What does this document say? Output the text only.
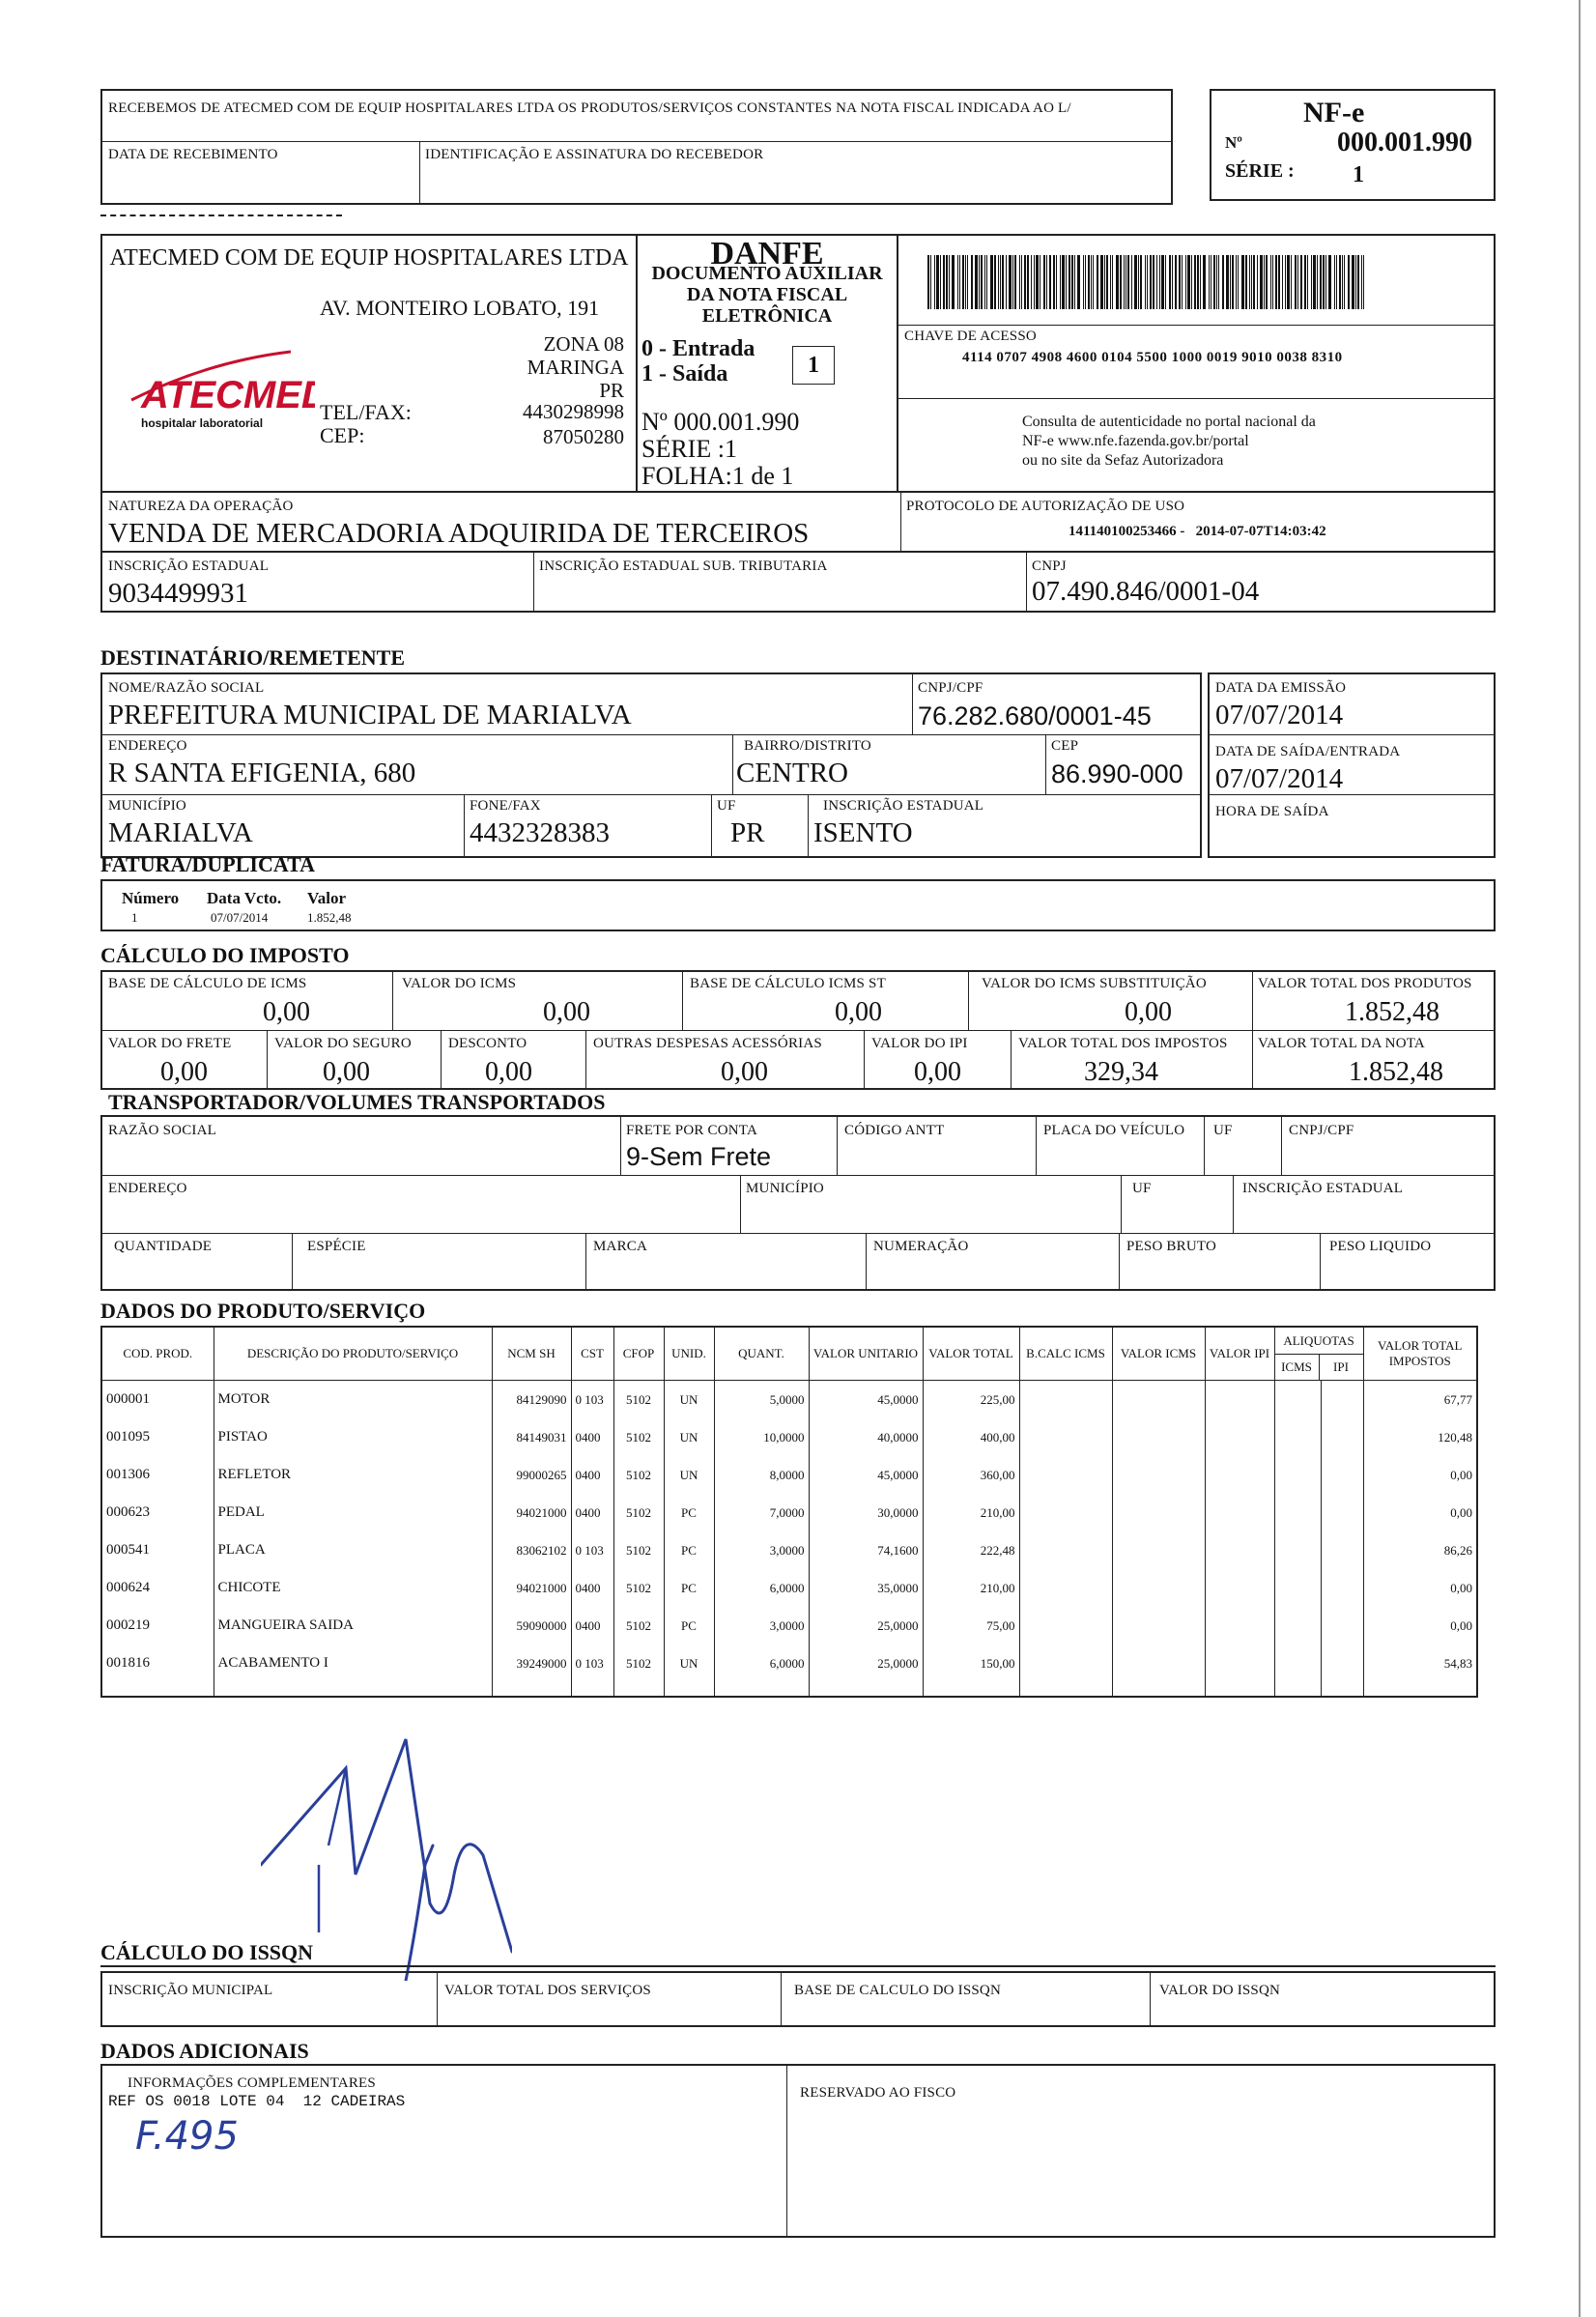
RECEBEMOS DE ATECMED COM DE EQUIP HOSPITALARES LTDA OS PRODUTOS/SERVIÇOS CONSTANTES NA NOTA FISCAL INDICADA AO L/
DATA DE RECEBIMENTO	IDENTIFICAÇÃO E ASSINATURA DO RECEBEDOR
NF-e
Nº	000.001.990
SÉRIE :	1
ATECMED COM DE EQUIP HOSPITALARES LTDA
AV. MONTEIRO LOBATO, 191
ATECMED
hospitalar laboratorial
ZONA 08
MARINGA
PR
TEL/FAX:	4430298998
CEP:	87050280
DANFE
DOCUMENTO AUXILIAR
DA NOTA FISCAL
ELETRÔNICA
0 - Entrada
1 - Saída	1
Nº 000.001.990
SÉRIE :1
FOLHA:1 de 1
CHAVE DE ACESSO
4114 0707 4908 4600 0104 5500 1000 0019 9010 0038 8310
Consulta de autenticidade no portal nacional da
NF-e www.nfe.fazenda.gov.br/portal
ou no site da Sefaz Autorizadora
NATUREZA DA OPERAÇÃO
VENDA DE MERCADORIA ADQUIRIDA DE TERCEIROS
PROTOCOLO DE AUTORIZAÇÃO DE USO
141140100253466 -   2014-07-07T14:03:42
INSCRIÇÃO ESTADUAL
9034499931
INSCRIÇÃO ESTADUAL SUB. TRIBUTARIA	CNPJ
07.490.846/0001-04
DESTINATÁRIO/REMETENTE
NOME/RAZÃO SOCIAL
PREFEITURA MUNICIPAL DE MARIALVA
CNPJ/CPF
76.282.680/0001-45
ENDEREÇO
R SANTA EFIGENIA, 680
BAIRRO/DISTRITO
CENTRO
CEP
86.990-000
MUNICÍPIO
MARIALVA
FONE/FAX
4432328383
UF
PR
INSCRIÇÃO ESTADUAL
ISENTO
DATA DA EMISSÃO
07/07/2014
DATA DE SAÍDA/ENTRADA
07/07/2014
HORA DE SAÍDA
FATURA/DUPLICATA
Número Data Vcto. Valor
1	07/07/2014	1.852,48
CÁLCULO DO IMPOSTO
BASE DE CÁLCULO DE ICMS
0,00
VALOR DO ICMS
0,00
BASE DE CÁLCULO ICMS ST
0,00
VALOR DO ICMS SUBSTITUIÇÃO
0,00
VALOR TOTAL DOS PRODUTOS
1.852,48
VALOR DO FRETE
0,00
VALOR DO SEGURO
0,00
DESCONTO
0,00
OUTRAS DESPESAS ACESSÓRIAS
0,00
VALOR DO IPI
0,00
VALOR TOTAL DOS IMPOSTOS
329,34
VALOR TOTAL DA NOTA
1.852,48
TRANSPORTADOR/VOLUMES TRANSPORTADOS
RAZÃO SOCIAL	FRETE POR CONTA
9-Sem Frete
CÓDIGO ANTT	PLACA DO VEÍCULO UF	CNPJ/CPF
ENDEREÇO	MUNICÍPIO	UF	INSCRIÇÃO ESTADUAL
QUANTIDADE	ESPÉCIE	MARCA	NUMERAÇÃO	PESO BRUTO	PESO LIQUIDO
DADOS DO PRODUTO/SERVIÇO
COD. PROD.	DESCRIÇÃO DO PRODUTO/SERVIÇO	NCM SH	CST	CFOP	UNID.	QUANT.	VALOR UNITARIO	VALOR TOTAL	B.CALC ICMS	VALOR ICMS	VALOR IPI	ALIQUOTAS
ICMS IPI		VALOR TOTAL IMPOSTOS
000001	MOTOR	84129090	0 103	5102	UN	5,0000	45,0000	225,00						67,77
001095	PISTAO	84149031	0400	5102	UN	10,0000	40,0000	400,00						120,48
001306	REFLETOR	99000265	0400	5102	UN	8,0000	45,0000	360,00						0,00
000623	PEDAL	94021000	0400	5102	PC	7,0000	30,0000	210,00						0,00
000541	PLACA	83062102	0 103	5102	PC	3,0000	74,1600	222,48						86,26
000624	CHICOTE	94021000	0400	5102	PC	6,0000	35,0000	210,00						0,00
000219	MANGUEIRA SAIDA	59090000	0400	5102	PC	3,0000	25,0000	75,00						0,00
001816	ACABAMENTO I	39249000	0 103	5102	UN	6,0000	25,0000	150,00						54,83

CÁLCULO DO ISSQN
INSCRIÇÃO MUNICIPAL	VALOR TOTAL DOS SERVIÇOS	BASE DE CALCULO DO ISSQN	VALOR DO ISSQN
DADOS ADICIONAIS
INFORMAÇÕES COMPLEMENTARES
REF OS 0018 LOTE 04  12 CADEIRAS
F.495
RESERVADO AO FISCO
